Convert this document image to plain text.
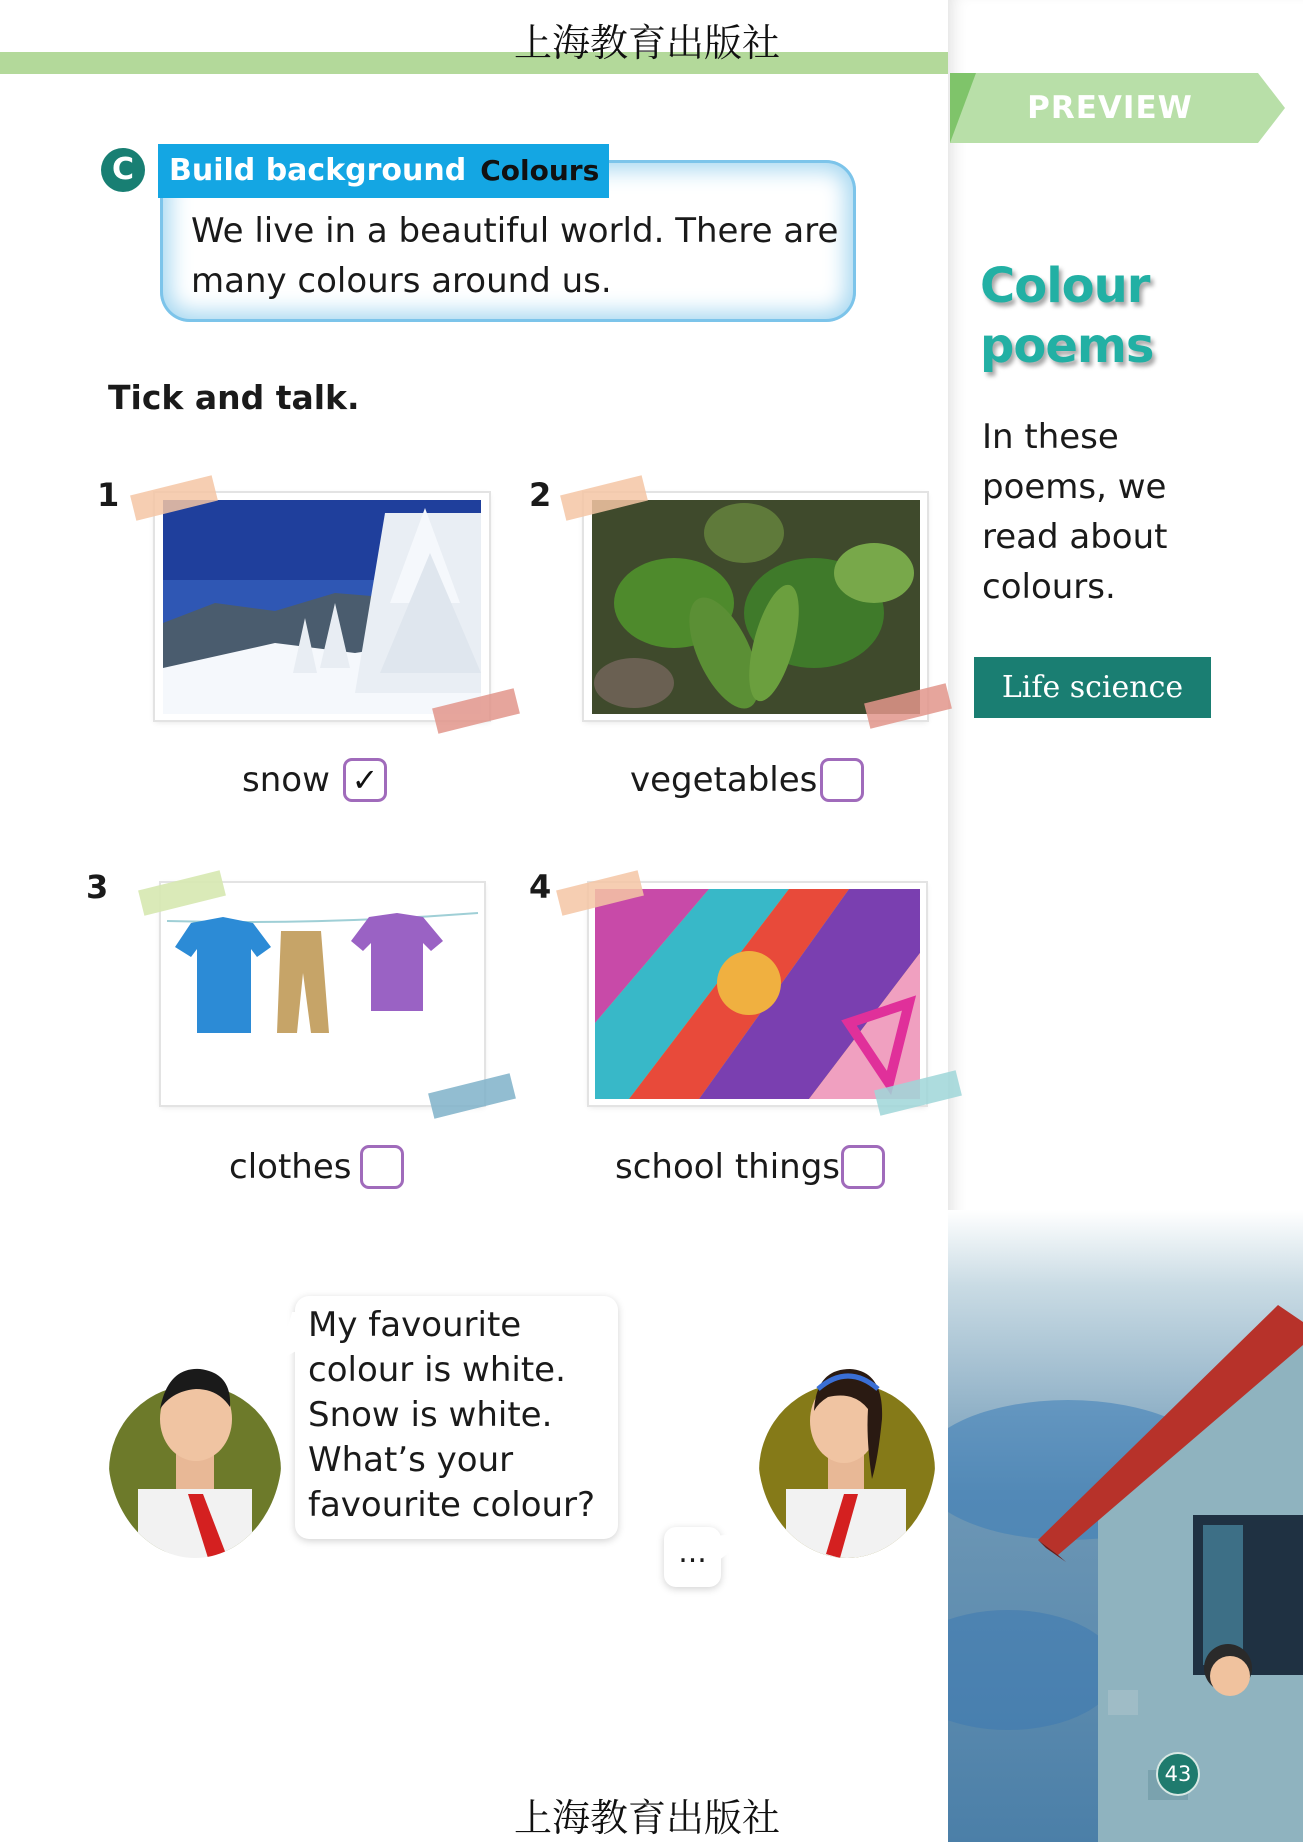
上海教育出版社
PREVIEW
Colour
poems
In these poems, we read about colours.
Life science
43
C	Build background Colours
We live in a beautiful world. There are many colours around us.
Tick and talk.
1
snow ✓
2
vegetables
3
clothes
4
school things
My favourite
colour is white.
Snow is white.
What’s your
favourite colour?
...
上海教育出版社
